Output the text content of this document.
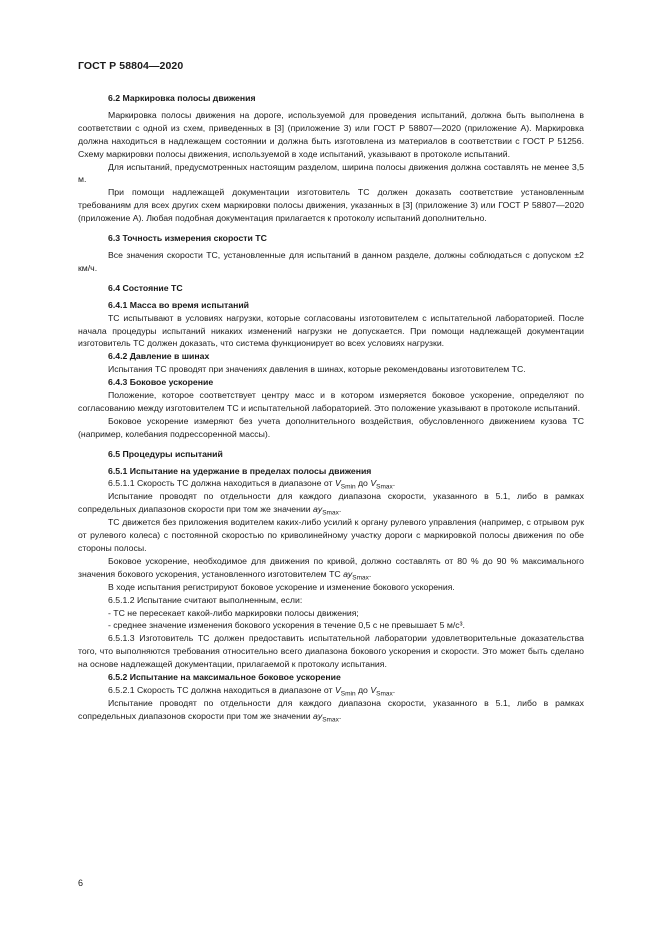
ГОСТ Р 58804—2020

6.2 Маркировка полосы движения

Маркировка полосы движения на дороге, используемой для проведения испытаний, должна быть выполнена в соответствии с одной из схем, приведенных в [3] (приложение 3) или ГОСТ Р 58807—2020 (приложение А). Маркировка должна находиться в надлежащем состоянии и должна быть изготовлена из материалов в соответствии с ГОСТ Р 51256. Схему маркировки полосы движения, используемой в ходе испытаний, указывают в протоколе испытаний.

Для испытаний, предусмотренных настоящим разделом, ширина полосы движения должна составлять не менее 3,5 м.

При помощи надлежащей документации изготовитель ТС должен доказать соответствие установленным требованиям для всех других схем маркировки полосы движения, указанных в [3] (приложение 3) или ГОСТ Р 58807—2020 (приложение А). Любая подобная документация прилагается к протоколу испытаний дополнительно.

6.3 Точность измерения скорости ТС

Все значения скорости ТС, установленные для испытаний в данном разделе, должны соблюдаться с допуском ±2 км/ч.

6.4 Состояние ТС

6.4.1 Масса во время испытаний

ТС испытывают в условиях нагрузки, которые согласованы изготовителем с испытательной лабораторией. После начала процедуры испытаний никаких изменений нагрузки не допускается. При помощи надлежащей документации изготовитель ТС должен доказать, что система функционирует во всех условиях нагрузки.

6.4.2 Давление в шинах

Испытания ТС проводят при значениях давления в шинах, которые рекомендованы изготовителем ТС.

6.4.3 Боковое ускорение

Положение, которое соответствует центру масс и в котором измеряется боковое ускорение, определяют по согласованию между изготовителем ТС и испытательной лабораторией. Это положение указывают в протоколе испытаний.

Боковое ускорение измеряют без учета дополнительного воздействия, обусловленного движением кузова ТС (например, колебания подрессоренной массы).

6.5 Процедуры испытаний

6.5.1 Испытание на удержание в пределах полосы движения

6.5.1.1 Скорость ТС должна находиться в диапазоне от $V_{Smin}$ до $V_{Smax}$.

Испытание проводят по отдельности для каждого диапазона скорости, указанного в 5.1, либо в рамках сопредельных диапазонов скорости при том же значении $ay_{Smax}$.

ТС движется без приложения водителем каких-либо усилий к органу рулевого управления (например, с отрывом рук от рулевого колеса) с постоянной скоростью по криволинейному участку дороги с маркировкой полосы движения по обе стороны полосы.

Боковое ускорение, необходимое для движения по кривой, должно составлять от 80 % до 90 % максимального значения бокового ускорения, установленного изготовителем ТС $ay_{Smax}$.

В ходе испытания регистрируют боковое ускорение и изменение бокового ускорения.

6.5.1.2 Испытание считают выполненным, если:

- ТС не пересекает какой-либо маркировки полосы движения;

- среднее значение изменения бокового ускорения в течение 0,5 с не превышает 5 м/с³.

6.5.1.3 Изготовитель ТС должен предоставить испытательной лаборатории удовлетворительные доказательства того, что выполняются требования относительно всего диапазона бокового ускорения и скорости. Это может быть сделано на основе надлежащей документации, прилагаемой к протоколу испытания.

6.5.2 Испытание на максимальное боковое ускорение

6.5.2.1 Скорость ТС должна находиться в диапазоне от $V_{Smin}$ до $V_{Smax}$.

Испытание проводят по отдельности для каждого диапазона скорости, указанного в 5.1, либо в рамках сопредельных диапазонов скорости при том же значении $ay_{Smax}$.

6
